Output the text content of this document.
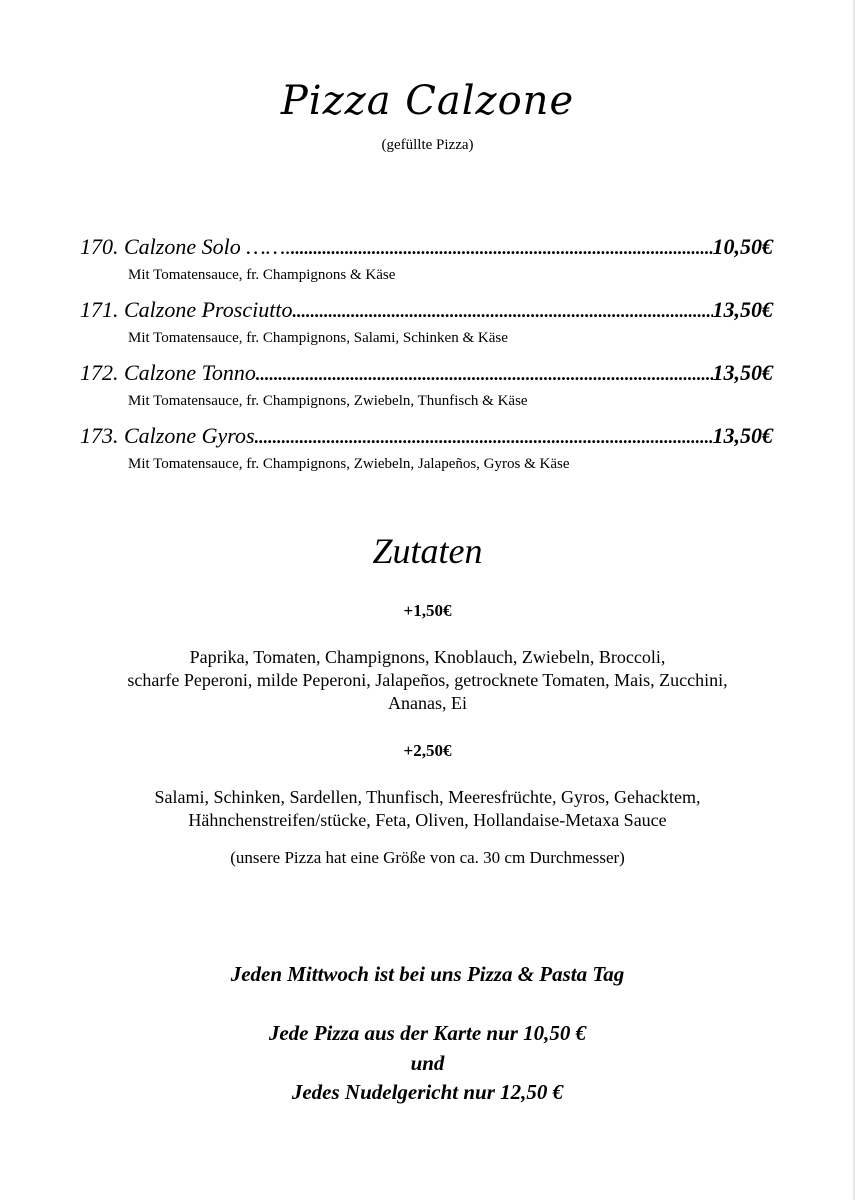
Pizza Calzone
(gefüllte Pizza)
170. Calzone Solo ……. .....	10,50€
Mit Tomatensauce, fr. Champignons & Käse
171. Calzone Prosciutto .....	13,50€
Mit Tomatensauce, fr. Champignons, Salami, Schinken & Käse
172. Calzone Tonno .....	13,50€
Mit Tomatensauce, fr. Champignons, Zwiebeln, Thunfisch & Käse
173. Calzone Gyros .....	13,50€
Mit Tomatensauce, fr. Champignons, Zwiebeln, Jalapeños, Gyros & Käse
Zutaten
+1,50€
Paprika, Tomaten, Champignons, Knoblauch, Zwiebeln, Broccoli,
scharfe Peperoni, milde Peperoni, Jalapeños, getrocknete Tomaten, Mais, Zucchini,
Ananas, Ei
+2,50€
Salami, Schinken, Sardellen, Thunfisch, Meeresfrüchte, Gyros, Gehacktem,
Hähnchenstreifen/stücke, Feta, Oliven, Hollandaise-Metaxa Sauce
(unsere Pizza hat eine Größe von ca. 30 cm Durchmesser)
Jeden Mittwoch ist bei uns Pizza & Pasta Tag
Jede Pizza aus der Karte nur 10,50 €
und
Jedes Nudelgericht nur 12,50 €
